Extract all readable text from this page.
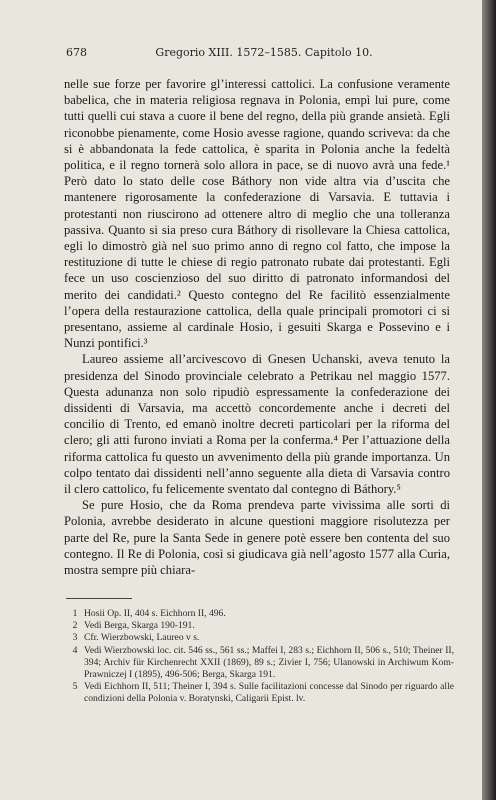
678	Gregorio XIII. 1572–1585. Capitolo 10.

nelle sue forze per favorire gl’interessi cattolici. La confusione veramente babelica, che in materia religiosa regnava in Polonia, empì lui pure, come tutti quelli cui stava a cuore il bene del regno, della più grande ansietà. Egli riconobbe pienamente, come Hosio avesse ragione, quando scriveva: da che si è abbandonata la fede cattolica, è sparita in Polonia anche la fedeltà politica, e il regno tornerà solo allora in pace, se di nuovo avrà una fede.¹ Però dato lo stato delle cose Báthory non vide altra via d’uscita che mantenere rigorosamente la confederazione di Varsavia. E tuttavia i protestanti non riuscirono ad ottenere altro di meglio che una tolleranza passiva. Quanto si sia preso cura Báthory di risollevare la Chiesa cattolica, egli lo dimostrò già nel suo primo anno di regno col fatto, che impose la restituzione di tutte le chiese di regio patronato rubate dai protestanti. Egli fece un uso coscienzioso del suo diritto di patronato informandosi del merito dei candidati.² Questo contegno del Re facilitò essenzialmente l’opera della restaurazione cattolica, della quale principali promotori ci si presentano, assieme al cardinale Hosio, i gesuiti Skarga e Possevino e i Nunzi pontifici.³

Laureo assieme all’arcivescovo di Gnesen Uchanski, aveva tenuto la presidenza del Sinodo provinciale celebrato a Petrikau nel maggio 1577. Questa adunanza non solo ripudiò espressamente la confederazione dei dissidenti di Varsavia, ma accettò concordemente anche i decreti del concilio di Trento, ed emanò inoltre decreti particolari per la riforma del clero; gli atti furono inviati a Roma per la conferma.⁴ Per l’attuazione della riforma cattolica fu questo un avvenimento della più grande importanza. Un colpo tentato dai dissidenti nell’anno seguente alla dieta di Varsavia contro il clero cattolico, fu felicemente sventato dal contegno di Báthory.⁵

Se pure Hosio, che da Roma prendeva parte vivissima alle sorti di Polonia, avrebbe desiderato in alcune questioni maggiore risolutezza per parte del Re, pure la Santa Sede in genere potè essere ben contenta del suo contegno. Il Re di Polonia, così si giudicava già nell’agosto 1577 alla Curia, mostra sempre più chiara-

1 Hosii Op. II, 404 s. Eichhorn II, 496.
2 Vedi Berga, Skarga 190-191.
3 Cfr. Wierzbowski, Laureo v s.
4 Vedi Wierzbowski loc. cit. 546 ss., 561 ss.; Maffei I, 283 s.; Eichhorn II, 506 s., 510; Theiner II, 394; Archiv für Kirchenrecht XXII (1869), 89 s.; Zivier I, 756; Ulanowski in Archiwum Kom-Prawniczej I (1895), 496-506; Berga, Skarga 191.
5 Vedi Eichhorn II, 511; Theiner I, 394 s. Sulle facilitazioni concesse dal Sinodo per riguardo alle condizioni della Polonia v. Boratynski, Caligarii Epist. lv.
